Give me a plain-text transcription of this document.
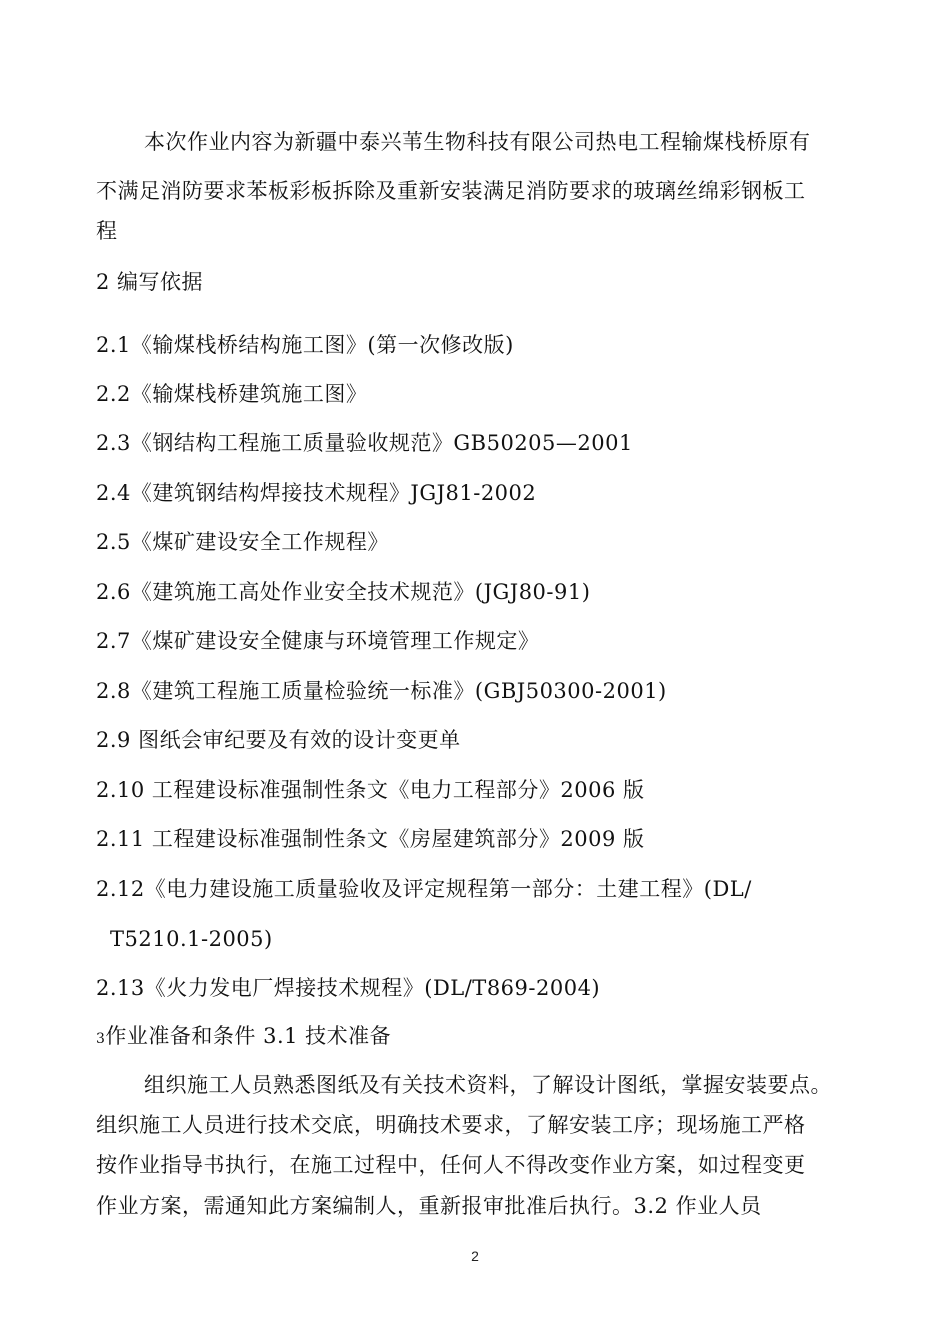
本次作业内容为新疆中泰兴苇生物科技有限公司热电工程输煤栈桥原有
不满足消防要求苯板彩板拆除及重新安装满足消防要求的玻璃丝绵彩钢板工
程
2 编写依据
2.1《输煤栈桥结构施工图》(第一次修改版)
2.2《输煤栈桥建筑施工图》
2.3《钢结构工程施工质量验收规范》GB50205—2001
2.4《建筑钢结构焊接技术规程》JGJ81-2002
2.5《煤矿建设安全工作规程》
2.6《建筑施工高处作业安全技术规范》(JGJ80-91)
2.7《煤矿建设安全健康与环境管理工作规定》
2.8《建筑工程施工质量检验统一标准》(GBJ50300-2001)
2.9 图纸会审纪要及有效的设计变更单
2.10 工程建设标准强制性条文《电力工程部分》2006 版
2.11 工程建设标准强制性条文《房屋建筑部分》2009 版
2.12《电力建设施工质量验收及评定规程第一部分：土建工程》(DL/
T5210.1-2005)
2.13《火力发电厂焊接技术规程》(DL/T869-2004)
3作业准备和条件 3.1 技术准备
组织施工人员熟悉图纸及有关技术资料，了解设计图纸，掌握安装要点。
组织施工人员进行技术交底，明确技术要求，了解安装工序；现场施工严格
按作业指导书执行，在施工过程中，任何人不得改变作业方案，如过程变更
作业方案，需通知此方案编制人，重新报审批准后执行。3.2 作业人员
2
